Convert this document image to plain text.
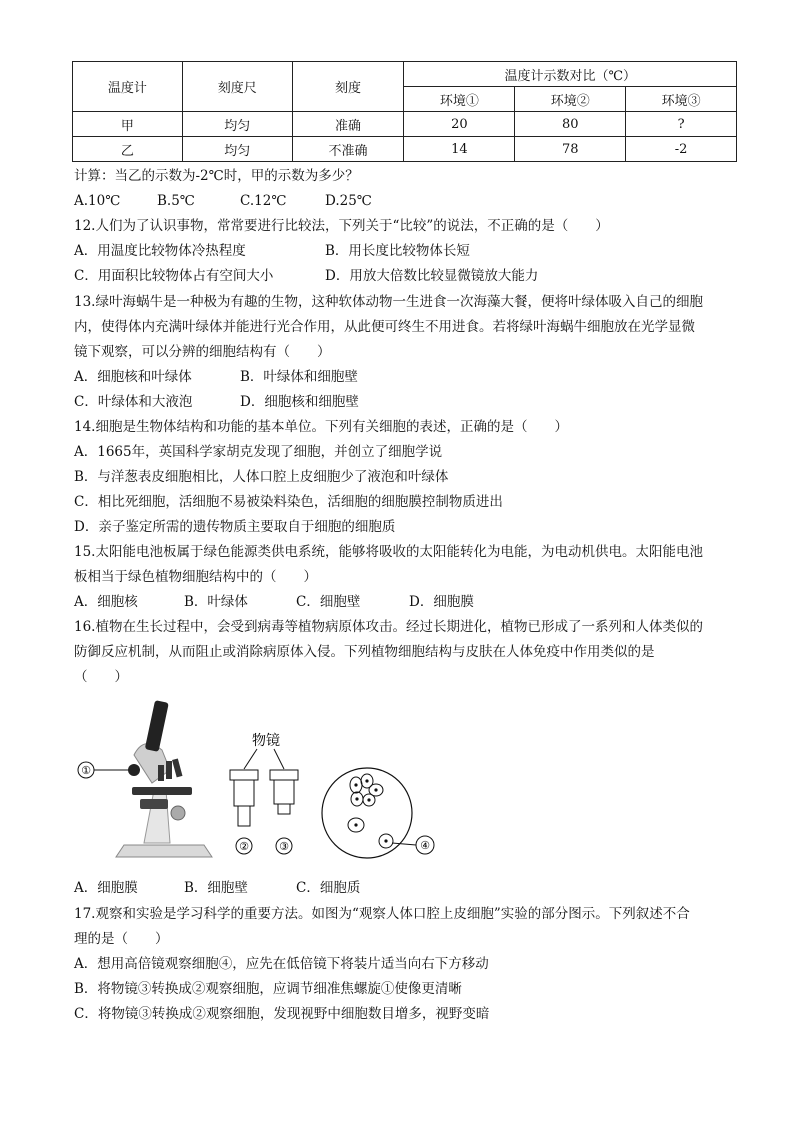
温度计	刻度尺	刻度	温度计示数对比（℃）		
			环境①	环境②	环境③
甲	均匀	准确	20	80	?
乙	均匀	不准确	14	78	-2
计算：当乙的示数为-2℃时，甲的示数为多少？
A.10℃	B.5℃	C.12℃	D.25℃
12.人们为了认识事物，常常要进行比较法，下列关于“比较”的说法，不正确的是（　　）
A．用温度比较物体冷热程度	B．用长度比较物体长短
C．用面积比较物体占有空间大小	D．用放大倍数比较显微镜放大能力
13.绿叶海蜗牛是一种极为有趣的生物，这种软体动物一生进食一次海藻大餐，便将叶绿体吸入自己的细胞
内，使得体内充满叶绿体并能进行光合作用，从此便可终生不用进食。若将绿叶海蜗牛细胞放在光学显微
镜下观察，可以分辨的细胞结构有（　　）
A．细胞核和叶绿体	B．叶绿体和细胞壁
C．叶绿体和大液泡	D．细胞核和细胞壁
14.细胞是生物体结构和功能的基本单位。下列有关细胞的表述，正确的是（　　）
A．1665年，英国科学家胡克发现了细胞，并创立了细胞学说
B．与洋葱表皮细胞相比，人体口腔上皮细胞少了液泡和叶绿体
C．相比死细胞，活细胞不易被染料染色，活细胞的细胞膜控制物质进出
D．亲子鉴定所需的遗传物质主要取自于细胞的细胞质
15.太阳能电池板属于绿色能源类供电系统，能够将吸收的太阳能转化为电能，为电动机供电。太阳能电池
板相当于绿色植物细胞结构中的（　　）
A．细胞核	B．叶绿体	C．细胞壁	D．细胞膜
16.植物在生长过程中，会受到病毒等植物病原体攻击。经过长期进化，植物已形成了一系列和人体类似的
防御反应机制，从而阻止或消除病原体入侵。下列植物细胞结构与皮肤在人体免疫中作用类似的是
（　　）
①
物镜
②	③	④
A．细胞膜	B．细胞壁	C．细胞质
17.观察和实验是学习科学的重要方法。如图为“观察人体口腔上皮细胞”实验的部分图示。下列叙述不合
理的是（　　）
A．想用高倍镜观察细胞④，应先在低倍镜下将装片适当向右下方移动
B．将物镜③转换成②观察细胞，应调节细准焦螺旋①使像更清晰
C．将物镜③转换成②观察细胞，发现视野中细胞数目增多，视野变暗
